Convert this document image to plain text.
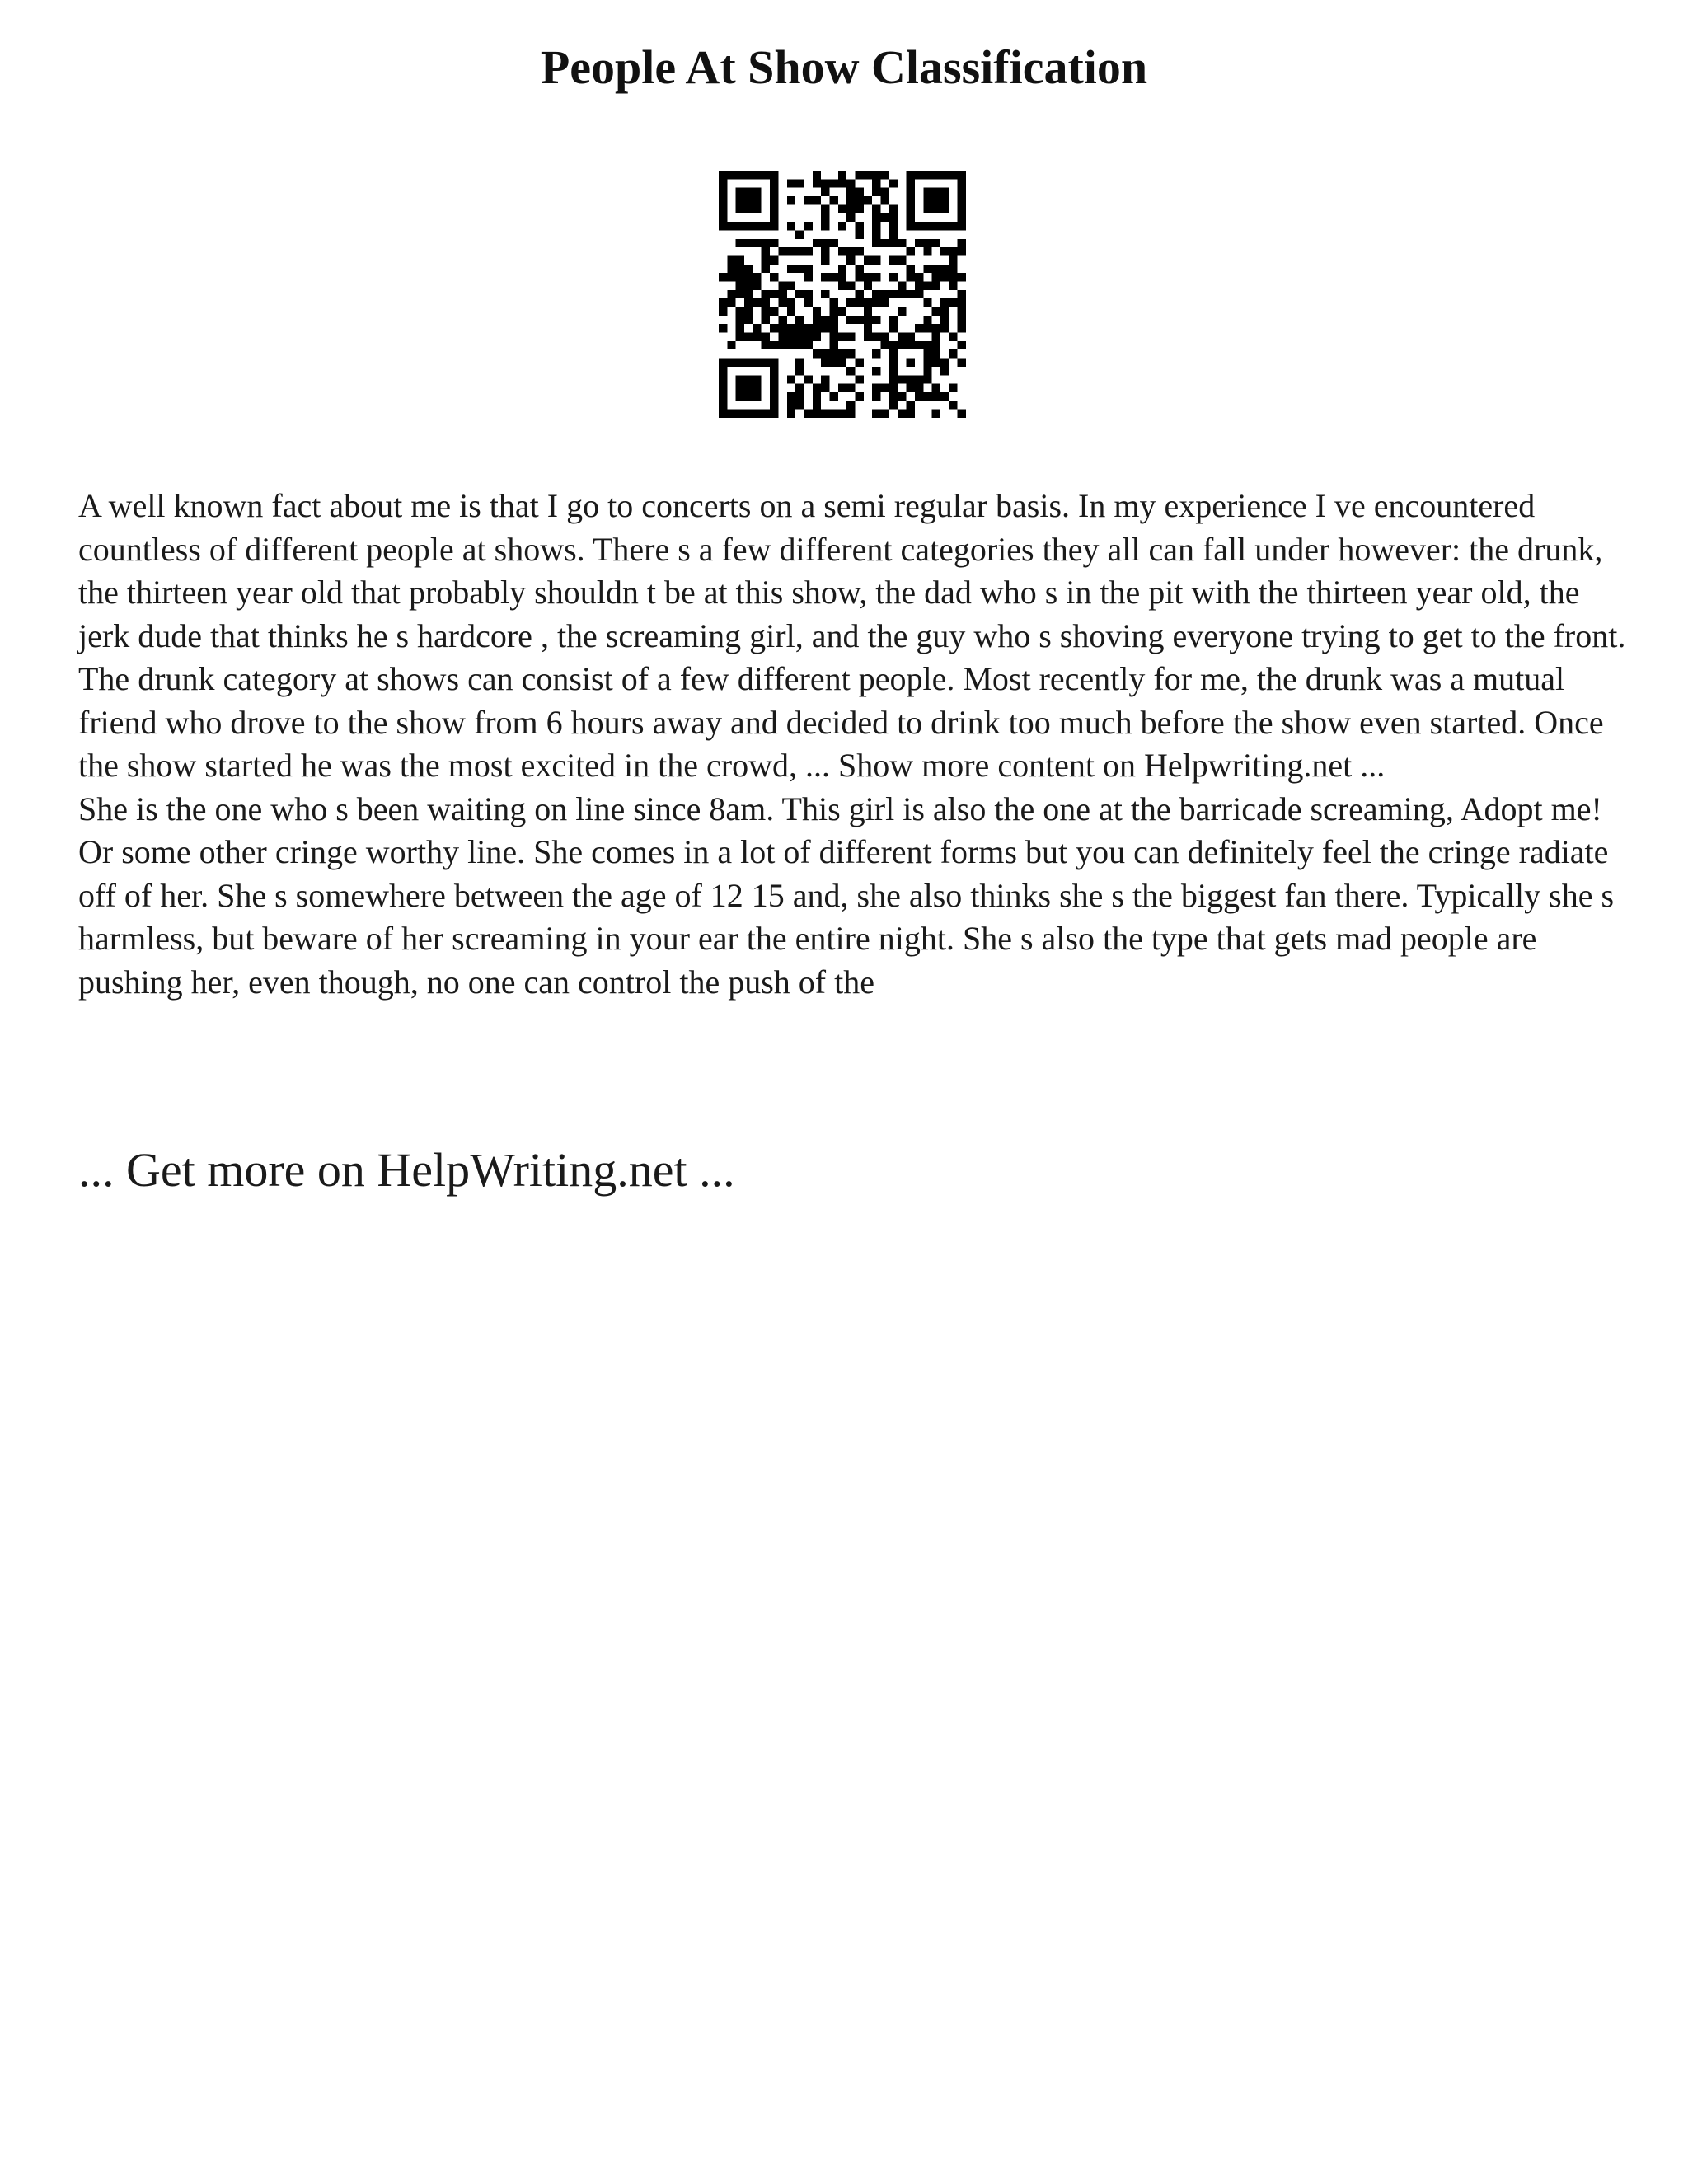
People At Show Classification

A well known fact about me is that I go to concerts on a semi regular basis. In my experience I ve encountered countless of different people at shows. There s a few different categories they all can fall under however: the drunk, the thirteen year old that probably shouldn t be at this show, the dad who s in the pit with the thirteen year old, the jerk dude that thinks he s hardcore , the screaming girl, and the guy who s shoving everyone trying to get to the front. The drunk category at shows can consist of a few different people. Most recently for me, the drunk was a mutual friend who drove to the show from 6 hours away and decided to drink too much before the show even started. Once the show started he was the most excited in the crowd, ... Show more content on Helpwriting.net ...

She is the one who s been waiting on line since 8am. This girl is also the one at the barricade screaming, Adopt me! Or some other cringe worthy line. She comes in a lot of different forms but you can definitely feel the cringe radiate off of her. She s somewhere between the age of 12 15 and, she also thinks she s the biggest fan there. Typically she s harmless, but beware of her screaming in your ear the entire night. She s also the type that gets mad people are pushing her, even though, no one can control the push of the

... Get more on HelpWriting.net ...
